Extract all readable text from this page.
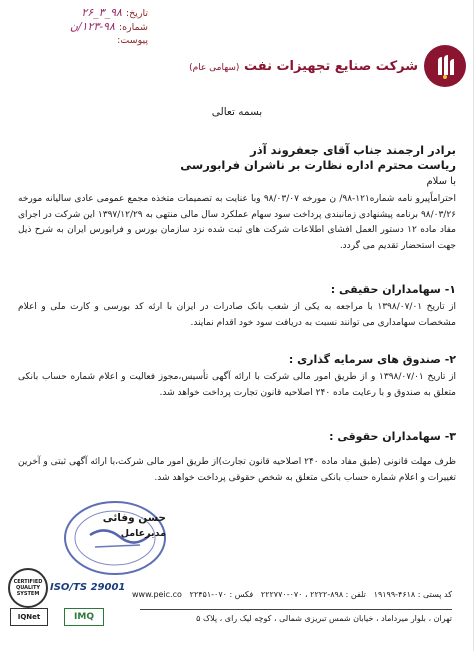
تاریخ:
۹۸_۳_۲۶
شماره:
۱۲۳-۹۸/ن
پیوست:
شرکت صنایع تجهیزات نفت (سهامی عام)
بسمه تعالی
برادر ارجمند جناب آقای جعفروند آذر
ریاست محترم اداره نظارت بر ناشران فرابورسی
با سلام
احتراماًپیرو نامه شماره۱۲۱-۹۸/ ن مورخه ۹۸/۰۳/۰۷ وبا عنایت به تصمیمات متخذه مجمع عمومی عادی سالیانه مورخه ۹۸/۰۳/۲۶ برنامه پیشنهادی زمانبندی پرداخت سود سهام عملکرد سال مالی منتهی به ۱۳۹۷/۱۲/۲۹ این شرکت در اجرای مفاد ماده ۱۲ دستور العمل افشای اطلاعات شرکت های ثبت شده نزد سازمان بورس و فرابورس ایران به شرح ذیل جهت استحضار تقدیم می گردد.
۱- سهامداران حقیقی :
از تاریخ ۱۳۹۸/۰۷/۰۱ با مراجعه به یکی از شعب بانک صادرات در ایران با ارئه کد بورسی و کارت ملی و اعلام مشخصات سهامداری می توانند نسبت به دریافت سود خود اقدام نمایند.
۲- صندوق های سرمایه گذاری :
از تاریخ ۱۳۹۸/۰۷/۰۱ و از طریق امور مالی شرکت با ارائه آگهی تأسیس،مجوز فعالیت و اعلام شماره حساب بانکی متعلق به صندوق و با رعایت ماده ۲۴۰ اصلاحیه قانون تجارت پرداخت خواهد شد.
۳- سهامداران حقوقی :
ظرف مهلت قانونی (طبق مفاد ماده ۲۴۰ اصلاحیه قانون تجارت)از طریق امور مالی شرکت،با ارائه آگهی ثبتی و آخرین تغییرات و اعلام شماره حساب بانکی متعلق به شخص حقوقی پرداخت خواهد شد.
حسن وفائی
مدیرعامل
CERTIFIED QUALITY SYSTEM
IQNet
ISO/TS 29001
IMQ
کد پستی : ۴۶۱۸-۱۹۱۹۹
تلفن : ۸۹۸-۲۲۲۲ ، ۰۷۰-۲۲۲۷۷۰
فکس : ۰۷۰-۲۲۴۵۱
www.peic.co
تهران ، بلوار میرداماد ، خیابان شمس تبریزی شمالی ، کوچه لیک رای ، پلاک ۵
